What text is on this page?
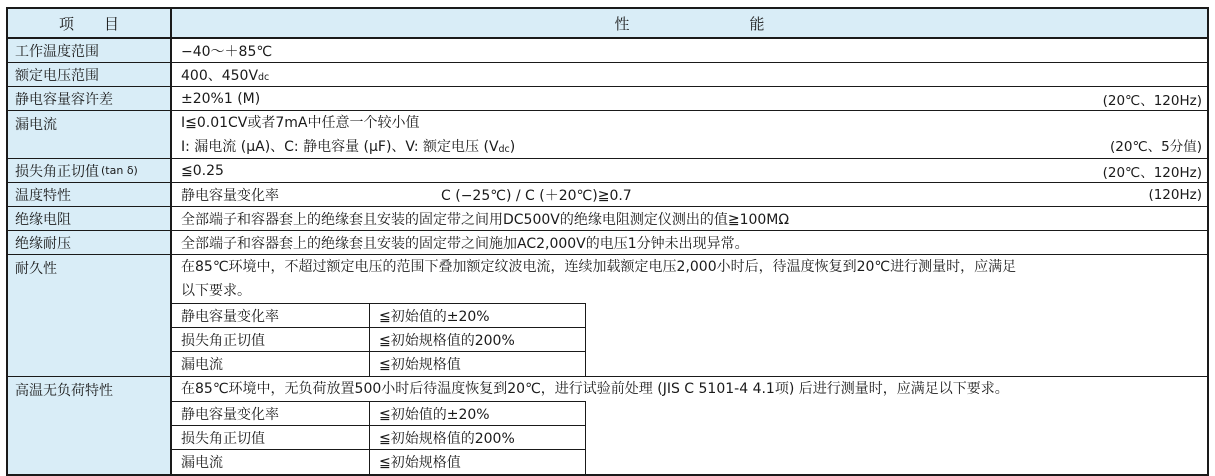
项　　目	性　　　　　　　　能
工作温度范围	−40〜＋85℃
额定电压范围	400、450V dc
静电容量容许差	±20%1 (M)	(20℃、120Hz)
漏电流	I≦0.01CV或者7mA中任意一个较小值
I: 漏电流 (μA)、C: 静电容量 (μF)、V: 额定电压 (V dc )	(20℃、5分值)
损失角正切值 (tan δ)	≦0.25	(20℃、120Hz)
温度特性	静电容量变化率	C (−25℃) / C (＋20℃)≧0.7	(120Hz)
绝缘电阻	全部端子和容器套上的绝缘套且安装的固定带之间用DC500V的绝缘电阻测定仪测出的值≧100MΩ
绝缘耐压	全部端子和容器套上的绝缘套且安装的固定带之间施加AC2,000V的电压1分钟未出现异常。
耐久性	在85℃环境中，不超过额定电压的范围下叠加额定纹波电流，连续加载额定电压2,000小时后，待温度恢复到20℃进行测量时，应满足
以下要求。
静电容量变化率	≦初始值的±20%
损失角正切值	≦初始规格值的200%
漏电流	≦初始规格值
高温无负荷特性	在85℃环境中，无负荷放置500小时后待温度恢复到20℃，进行试验前处理 (JIS C 5101-4 4.1项) 后进行测量时，应满足以下要求。
静电容量变化率	≦初始值的±20%
损失角正切值	≦初始规格值的200%
漏电流	≦初始规格值
